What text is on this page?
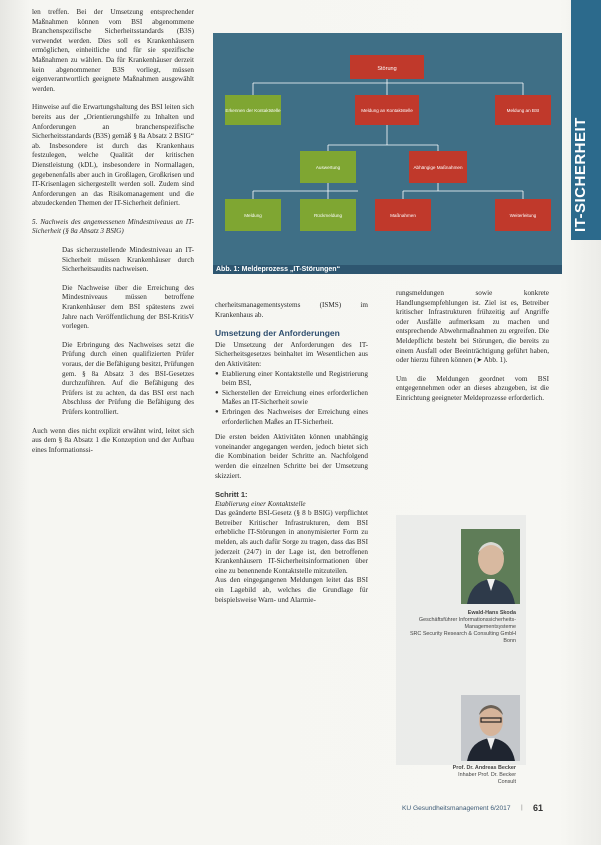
len treffen. Bei der Umsetzung entsprechender Maßnahmen können vom BSI abgenommene Branchenspezifische Sicherheitsstandards (B3S) verwendet werden. Dies soll es Krankenhäusern ermöglichen, einheitliche und für sie spezifische Maßnahmen zu wählen. Da für Krankenhäuser derzeit kein abgenommener B3S vorliegt, müssen eigenverantwortlich geeignete Maßnahmen ausgewählt werden.

Hinweise auf die Erwartungshaltung des BSI leiten sich bereits aus der „Orientierungshilfe zu Inhalten und Anforderungen an branchenspezifische Sicherheitsstandards (B3S) gemäß § 8a Absatz 2 BSIG“ ab. Insbesondere ist durch das Krankenhaus festzulegen, welche Qualität der kritischen Dienstleistung (kDL), insbesondere in Normallagen, gegebenenfalls aber auch in Großlagen, Großkrisen und IT-Krisenlagen sichergestellt werden soll. Zudem sind Anforderungen an das Risikomanagement und die abzudeckenden Themen der IT-Sicherheit definiert.

5. Nachweis des angemessenen Mindestniveaus an IT-Sicherheit (§ 8a Absatz 3 BSIG)

Das sicherzustellende Mindestniveau an IT-Sicherheit müssen Krankenhäuser durch Sicherheitsaudits nachweisen.

Die Nachweise über die Erreichung des Mindestniveaus müssen betroffene Krankenhäuser dem BSI spätestens zwei Jahre nach Veröffentlichung der BSI-KritisV vorlegen.

Die Erbringung des Nachweises setzt die Prüfung durch einen qualifizierten Prüfer voraus, der die Befähigung besitzt, Prüfungen gem. § 8a Absatz 3 des BSI-Gesetzes durchzuführen. Auf die Befähigung des Prüfers ist zu achten, da das BSI erst nach Abschluss der Prüfung die Befähigung des Prüfers kontrolliert.

Auch wenn dies nicht explizit erwähnt wird, leitet sich aus dem § 8a Absatz 1 die Konzeption und der Aufbau eines Informationssi-

Störung
Erkennen der Kontaktstelle	Meldung an Kontaktstelle	Meldung an BSI
Auswertung	Abhängige Maßnahmen
Meldung	Rückmeldung	Maßnahmen	Weiterleitung
Abb. 1: Meldeprozess „IT-Störungen“
IT-SICHERHEIT

cherheitsmanagementsystems (ISMS) im Krankenhaus ab.

Umsetzung der Anforderungen

Die Umsetzung der Anforderungen des IT-Sicherheitsgesetzes beinhaltet im Wesentlichen aus den Aktivitäten:

● Etablierung einer Kontaktstelle und Registrierung beim BSI,
● Sicherstellen der Erreichung eines erforderlichen Maßes an IT-Sicherheit sowie
● Erbringen des Nachweises der Erreichung eines erforderlichen Maßes an IT-Sicherheit.

Die ersten beiden Aktivitäten können unabhängig voneinander angegangen werden, jedoch bietet sich die Kombination beider Schritte an. Nachfolgend werden die einzelnen Schritte bei der Umsetzung skizziert.

Schritt 1:
Etablierung einer Kontaktstelle

Das geänderte BSI-Gesetz (§ 8 b BSIG) verpflichtet Betreiber Kritischer Infrastrukturen, dem BSI erhebliche IT-Störungen in anonymisierter Form zu melden, als auch dafür Sorge zu tragen, dass das BSI jederzeit (24/7) in der Lage ist, den betroffenen Krankenhäusern IT-Sicherheitsinformationen über eine zu benennende Kontaktstelle mitzuteilen.

Aus den eingegangenen Meldungen leitet das BSI ein Lagebild ab, welches die Grundlage für beispielsweise Warn- und Alarmie-

rungsmeldungen sowie konkrete Handlungsempfehlungen ist. Ziel ist es, Betreiber kritischer Infrastrukturen frühzeitig auf Angriffe oder Ausfälle aufmerksam zu machen und entsprechende Abwehrmaßnahmen zu ergreifen. Die Meldepflicht besteht bei Störungen, die bereits zu einem Ausfall oder Beeinträchtigung geführt haben, oder hierzu führen können (➤ Abb. 1).

Um die Meldungen geordnet vom BSI entgegennehmen oder an dieses abzugeben, ist die Einrichtung geeigneter Meldeprozesse erforderlich.

Ewald-Hans Skoda
Geschäftsführer Informationssicherheits-
Managementsysteme
SRC Security Research & Consulting GmbH
Bonn
Prof. Dr. Andreas Becker
Inhaber Prof. Dr. Becker
Consult
KU Gesundheitsmanagement 6/2017 | 61
